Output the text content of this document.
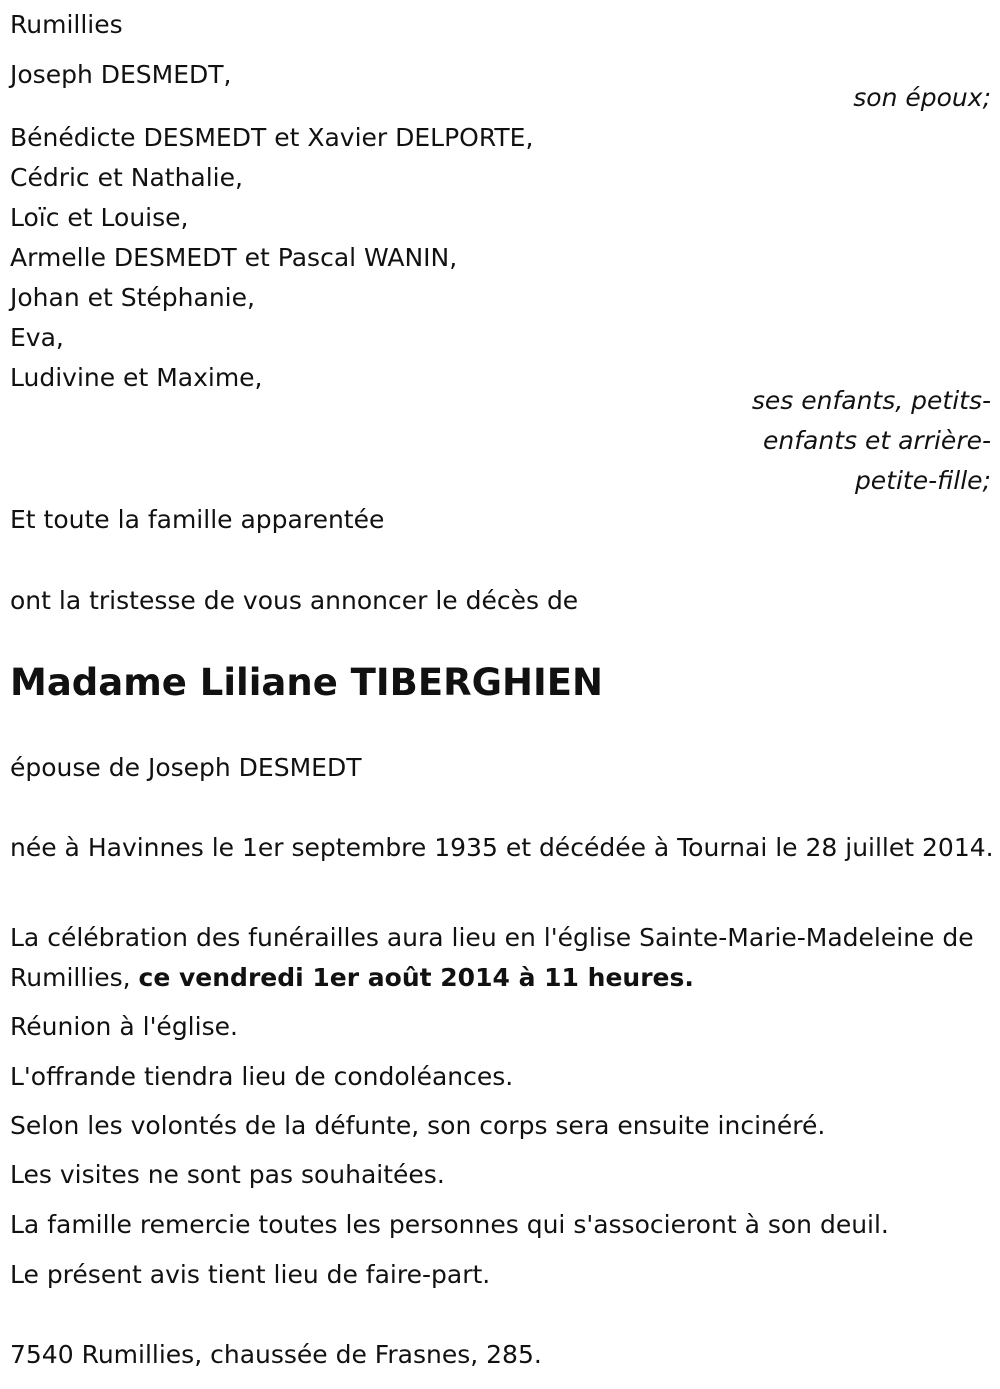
Rumillies

Joseph DESMEDT,

son époux;

Bénédicte DESMEDT et Xavier DELPORTE,

Cédric et Nathalie,

Loïc et Louise,

Armelle DESMEDT et Pascal WANIN,

Johan et Stéphanie,

Eva,

Ludivine et Maxime,

ses enfants, petits-

enfants et arrière-

petite-fille;

Et toute la famille apparentée

ont la tristesse de vous annoncer le décès de

Madame Liliane TIBERGHIEN

épouse de Joseph DESMEDT

née à Havinnes le 1er septembre 1935 et décédée à Tournai le 28 juillet 2014.

La célébration des funérailles aura lieu en l'église Sainte-Marie-Madeleine de Rumillies, ce vendredi 1er août 2014 à 11 heures.

Réunion à l'église.

L'offrande tiendra lieu de condoléances.

Selon les volontés de la défunte, son corps sera ensuite incinéré.

Les visites ne sont pas souhaitées.

La famille remercie toutes les personnes qui s'associeront à son deuil.

Le présent avis tient lieu de faire-part.

7540 Rumillies, chaussée de Frasnes, 285.
